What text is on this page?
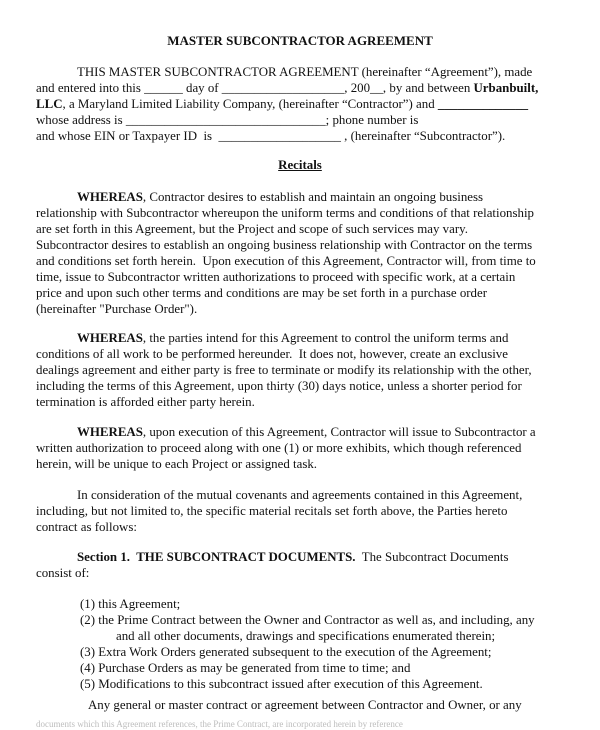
MASTER SUBCONTRACTOR AGREEMENT

THIS MASTER SUBCONTRACTOR AGREEMENT (hereinafter “Agreement”), made

and entered into this ______ day of ___________________, 200__, by and between Urbanbuilt,

LLC, a Maryland Limited Liability Company, (hereinafter “Contractor”) and ______________

whose address is _______________________________; phone number is

and whose EIN or Taxpayer ID  is  ___________________ , (hereinafter “Subcontractor”).

Recitals

WHEREAS, Contractor desires to establish and maintain an ongoing business

relationship with Subcontractor whereupon the uniform terms and conditions of that relationship

are set forth in this Agreement, but the Project and scope of such services may vary.

Subcontractor desires to establish an ongoing business relationship with Contractor on the terms

and conditions set forth herein.  Upon execution of this Agreement, Contractor will, from time to

time, issue to Subcontractor written authorizations to proceed with specific work, at a certain

price and upon such other terms and conditions are may be set forth in a purchase order

(hereinafter "Purchase Order").

WHEREAS, the parties intend for this Agreement to control the uniform terms and

conditions of all work to be performed hereunder.  It does not, however, create an exclusive

dealings agreement and either party is free to terminate or modify its relationship with the other,

including the terms of this Agreement, upon thirty (30) days notice, unless a shorter period for

termination is afforded either party herein.

WHEREAS, upon execution of this Agreement, Contractor will issue to Subcontractor a

written authorization to proceed along with one (1) or more exhibits, which though referenced

herein, will be unique to each Project or assigned task.

In consideration of the mutual covenants and agreements contained in this Agreement,

including, but not limited to, the specific material recitals set forth above, the Parties hereto

contract as follows:

Section 1.  THE SUBCONTRACT DOCUMENTS.  The Subcontract Documents

consist of:

(1) this Agreement;

(2) the Prime Contract between the Owner and Contractor as well as, and including, any

and all other documents, drawings and specifications enumerated therein;

(3) Extra Work Orders generated subsequent to the execution of the Agreement;

(4) Purchase Orders as may be generated from time to time; and

(5) Modifications to this subcontract issued after execution of this Agreement.

Any general or master contract or agreement between Contractor and Owner, or any

documents which this Agreement references, the Prime Contract, are incorporated herein by reference
